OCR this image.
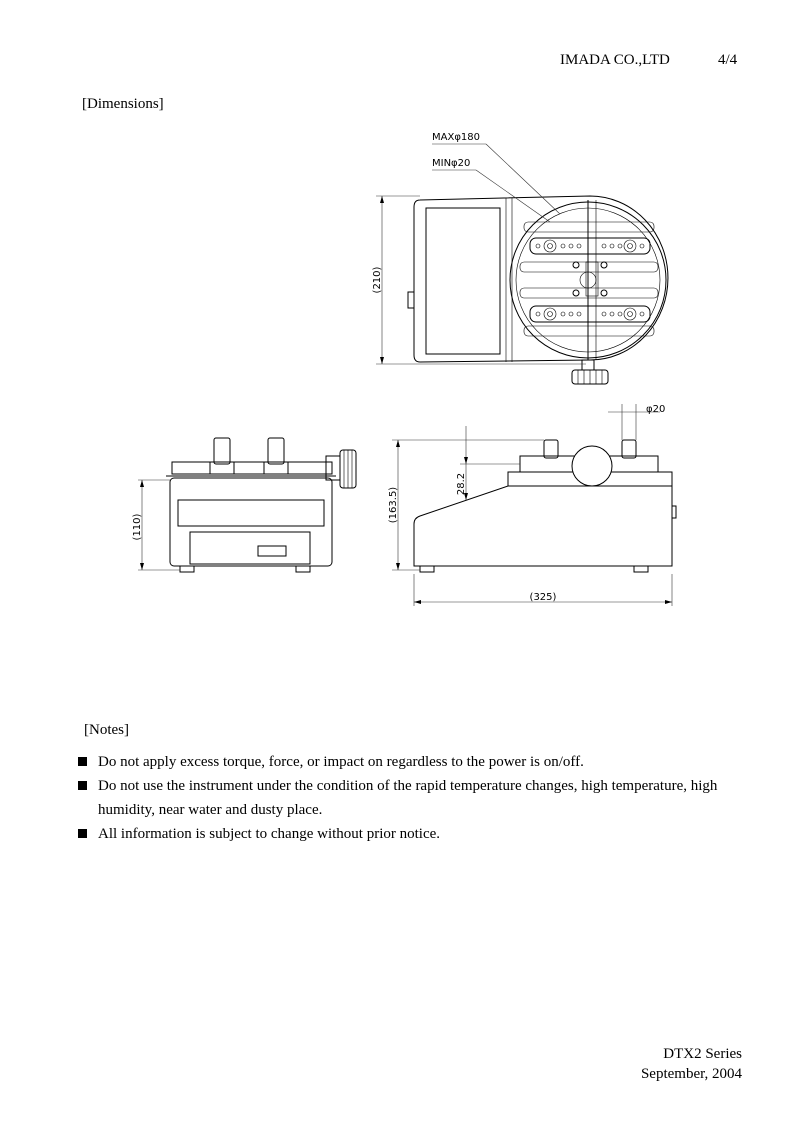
IMADA CO.,LTD	4/4
[Dimensions]
(210)
MAXφ180
MINφ20
(110)
(163.5)
28.2
φ20
(325)
[Notes]
Do not apply excess torque, force, or impact on regardless to the power is on/off.
Do not use the instrument under the condition of the rapid temperature changes, high temperature, high humidity, near water and dusty place.
All information is subject to change without prior notice.
DTX2 Series
September, 2004
